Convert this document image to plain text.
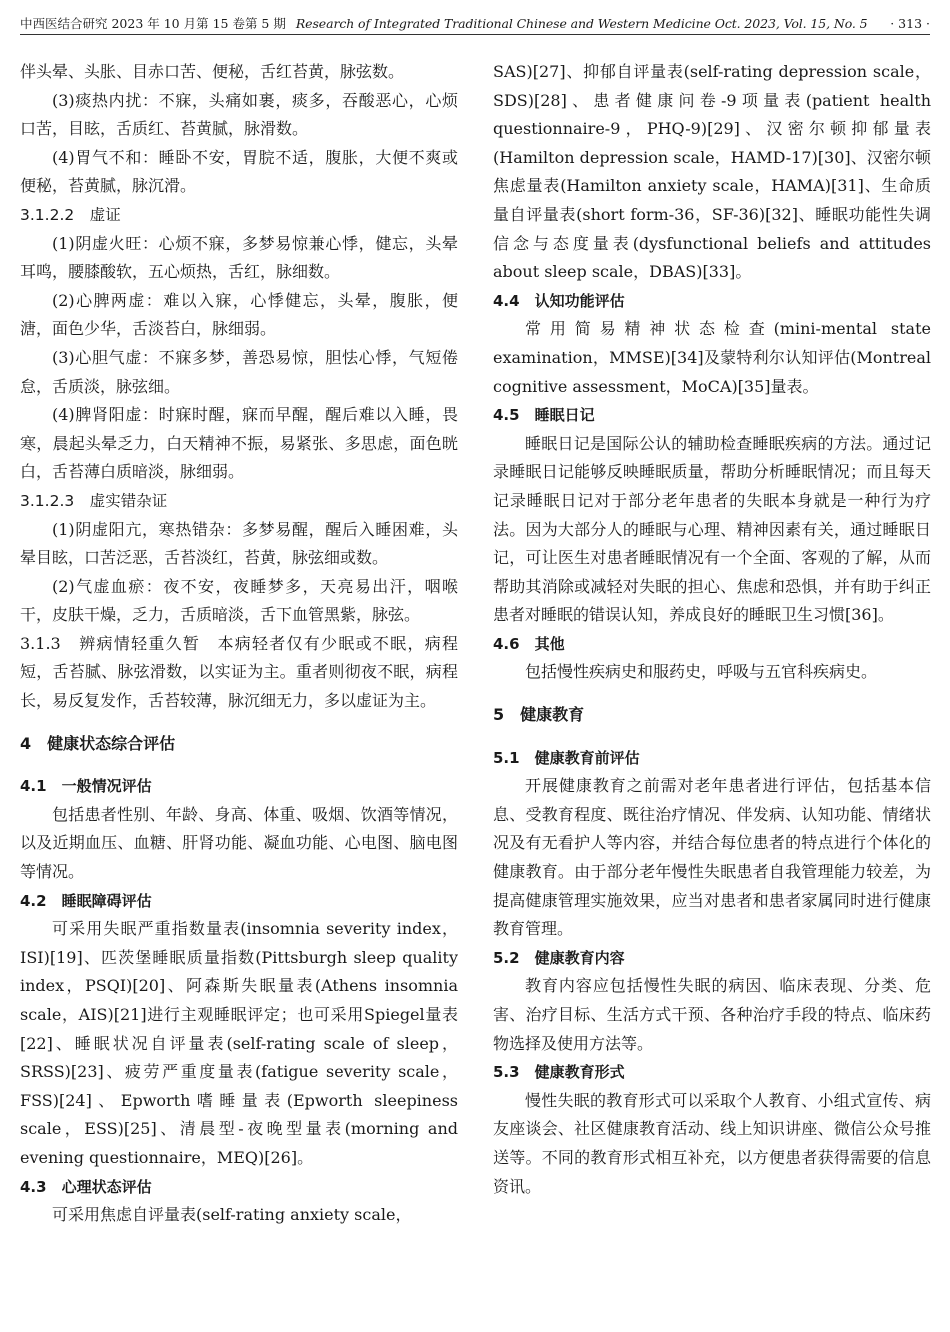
中西医结合研究 2023 年 10 月第 15 卷第 5 期 Research of Integrated Traditional Chinese and Western Medicine Oct. 2023, Vol. 15, No. 5 · 313 ·

伴头晕、头胀、目赤口苦、便秘，舌红苔黄，脉弦数。

(3)痰热内扰：不寐，头痛如裹，痰多，吞酸恶心，心烦口苦，目眩，舌质红、苔黄腻，脉滑数。

(4)胃气不和：睡卧不安，胃脘不适，腹胀，大便不爽或便秘，苔黄腻，脉沉滑。

3.1.2.2　虚证

(1)阴虚火旺：心烦不寐，多梦易惊兼心悸，健忘，头晕耳鸣，腰膝酸软，五心烦热，舌红，脉细数。

(2)心脾两虚：难以入寐，心悸健忘，头晕，腹胀，便溏，面色少华，舌淡苔白，脉细弱。

(3)心胆气虚：不寐多梦，善恐易惊，胆怯心悸，气短倦怠，舌质淡，脉弦细。

(4)脾肾阳虚：时寐时醒，寐而早醒，醒后难以入睡，畏寒，晨起头晕乏力，白天精神不振，易紧张、多思虑，面色晄白，舌苔薄白质暗淡，脉细弱。

3.1.2.3　虚实错杂证

(1)阴虚阳亢，寒热错杂：多梦易醒，醒后入睡困难，头晕目眩，口苦泛恶，舌苔淡红，苔黄，脉弦细或数。

(2)气虚血瘀：夜不安，夜睡梦多，天亮易出汗，咽喉干，皮肤干燥，乏力，舌质暗淡，舌下血管黑紫，脉弦。

3.1.3　辨病情轻重久暂　本病轻者仅有少眠或不眠，病程短，舌苔腻、脉弦滑数，以实证为主。重者则彻夜不眠，病程长，易反复发作，舌苔较薄，脉沉细无力，多以虚证为主。

4　健康状态综合评估

4.1　一般情况评估

包括患者性别、年龄、身高、体重、吸烟、饮酒等情况，以及近期血压、血糖、肝肾功能、凝血功能、心电图、脑电图等情况。

4.2　睡眠障碍评估

可采用失眠严重指数量表(insomnia severity index，ISI)[19]、匹茨堡睡眠质量指数(Pittsburgh sleep quality index，PSQI)[20]、阿森斯失眠量表(Athens insomnia scale，AIS)[21]进行主观睡眠评定；也可采用Spiegel量表[22]、睡眠状况自评量表(self-rating scale of sleep，SRSS)[23]、疲劳严重度量表(fatigue severity scale，FSS)[24]、Epworth嗜睡量表(Epworth sleepiness scale，ESS)[25]、清晨型-夜晚型量表(morning and evening questionnaire，MEQ)[26]。

4.3　心理状态评估

可采用焦虑自评量表(self-rating anxiety scale，

SAS)[27]、抑郁自评量表(self-rating depression scale，SDS)[28]、患者健康问卷-9项量表(patient health questionnaire-9，PHQ-9)[29]、汉密尔顿抑郁量表(Hamilton depression scale，HAMD-17)[30]、汉密尔顿焦虑量表(Hamilton anxiety scale，HAMA)[31]、生命质量自评量表(short form-36，SF-36)[32]、睡眠功能性失调信念与态度量表(dysfunctional beliefs and attitudes about sleep scale，DBAS)[33]。

4.4　认知功能评估

常用简易精神状态检查(mini-mental state examination，MMSE)[34]及蒙特利尔认知评估(Montreal cognitive assessment，MoCA)[35]量表。

4.5　睡眠日记

睡眠日记是国际公认的辅助检查睡眠疾病的方法。通过记录睡眠日记能够反映睡眠质量，帮助分析睡眠情况；而且每天记录睡眠日记对于部分老年患者的失眠本身就是一种行为疗法。因为大部分人的睡眠与心理、精神因素有关，通过睡眠日记，可让医生对患者睡眠情况有一个全面、客观的了解，从而帮助其消除或减轻对失眠的担心、焦虑和恐惧，并有助于纠正患者对睡眠的错误认知，养成良好的睡眠卫生习惯[36]。

4.6　其他

包括慢性疾病史和服药史，呼吸与五官科疾病史。

5　健康教育

5.1　健康教育前评估

开展健康教育之前需对老年患者进行评估，包括基本信息、受教育程度、既往治疗情况、伴发病、认知功能、情绪状况及有无看护人等内容，并结合每位患者的特点进行个体化的健康教育。由于部分老年慢性失眠患者自我管理能力较差，为提高健康管理实施效果，应当对患者和患者家属同时进行健康教育管理。

5.2　健康教育内容

教育内容应包括慢性失眠的病因、临床表现、分类、危害、治疗目标、生活方式干预、各种治疗手段的特点、临床药物选择及使用方法等。

5.3　健康教育形式

慢性失眠的教育形式可以采取个人教育、小组式宣传、病友座谈会、社区健康教育活动、线上知识讲座、微信公众号推送等。不同的教育形式相互补充，以方便患者获得需要的信息资讯。
